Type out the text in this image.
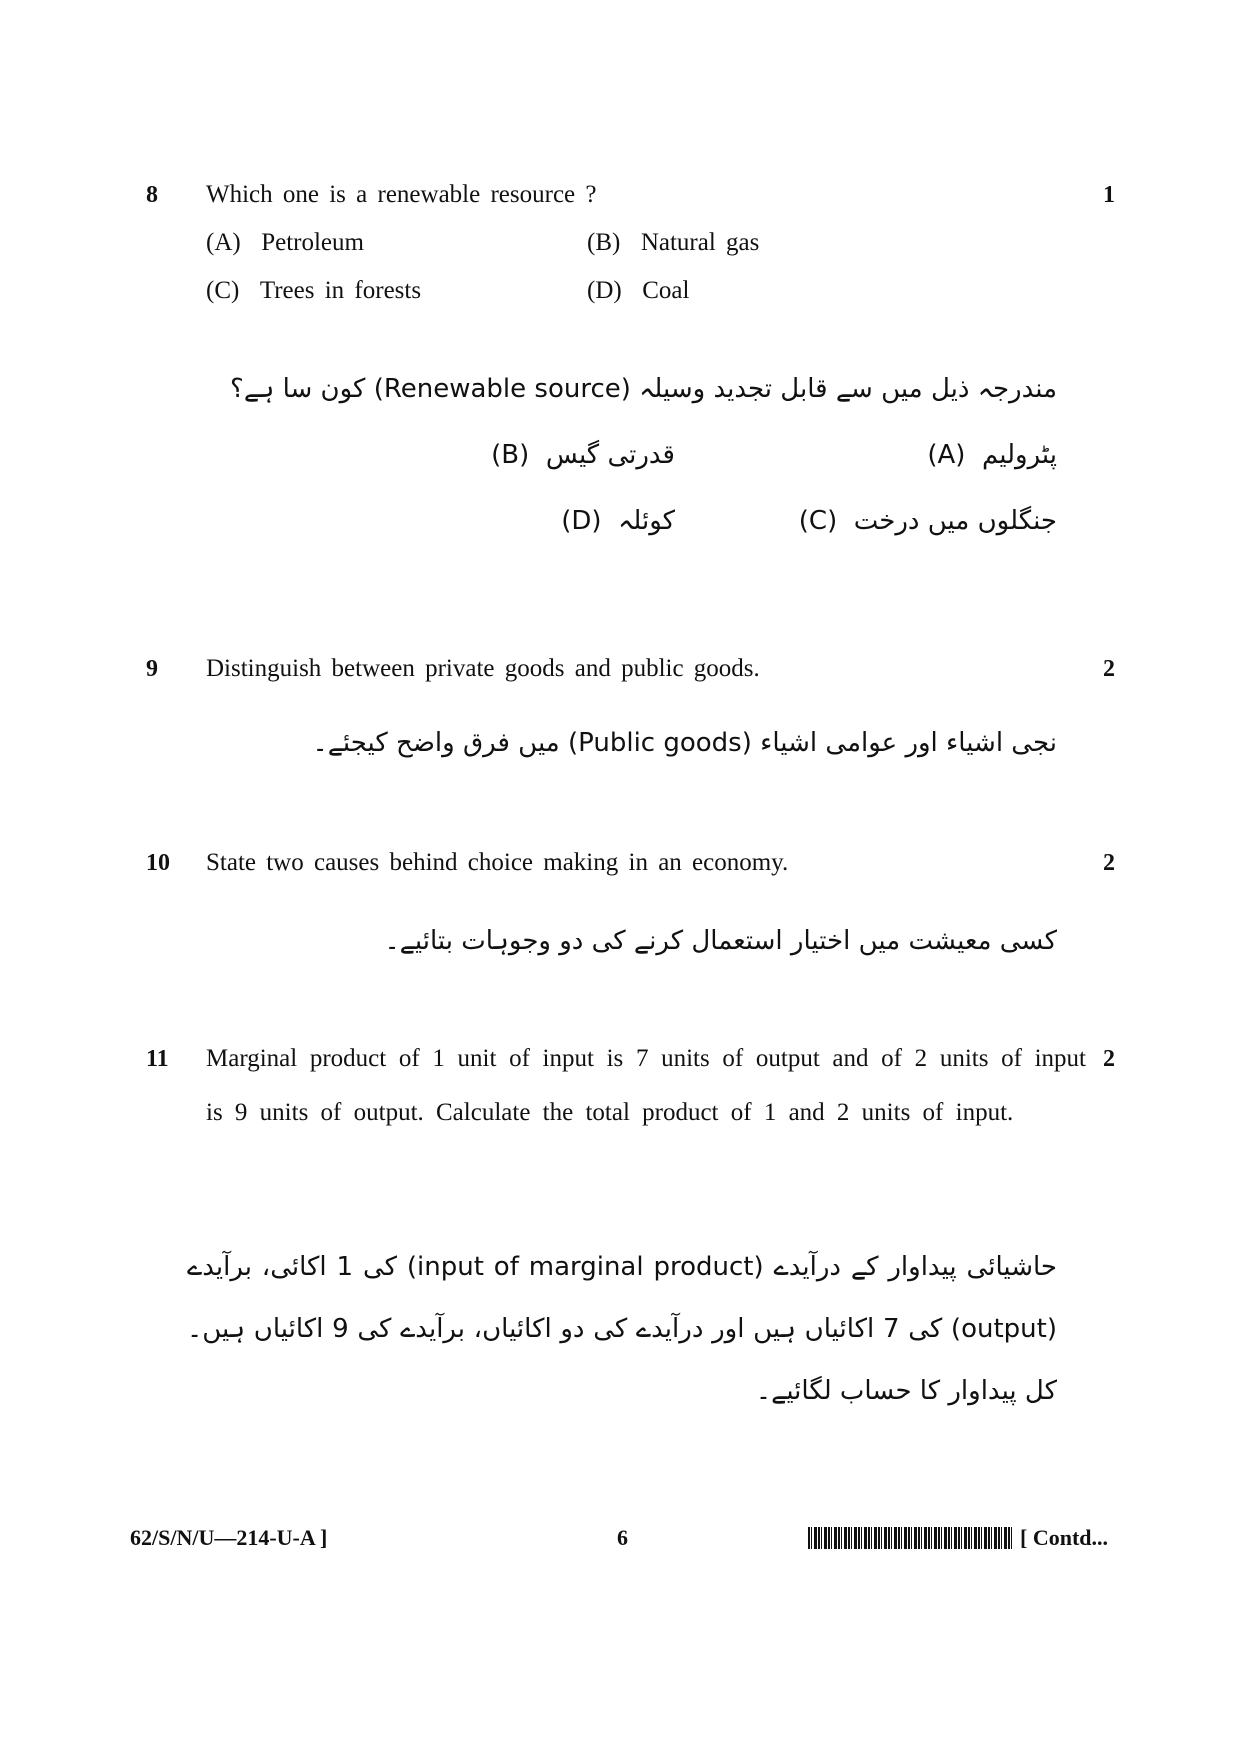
8 Which one is a renewable resource ?	1
(A) Petroleum	(B) Natural gas
(C) Trees in forests	(D) Coal
مندرجہ ذیل میں سے قابل تجدید وسیلہ (Renewable source) کون سا ہے؟
(A) پٹرولیم
(B) قدرتی گیس
(C) جنگلوں میں درخت
(D) کوئلہ
9 Distinguish between private goods and public goods.	2
نجی اشیاء اور عوامی اشیاء (Public goods) میں فرق واضح کیجئے۔
10 State two causes behind choice making in an economy.	2
کسی معیشت میں اختیار استعمال کرنے کی دو وجوہات بتائیے۔
11 Marginal product of 1 unit of input is 7 units of output and of 2 units of input is 9 units of output. Calculate the total product of 1 and 2 units of input.
2
حاشیائی پیداوار کے درآیدے (input of marginal product) کی 1 اکائی، برآیدے (output) کی 7 اکائیاں ہیں اور درآیدے کی دو اکائیاں، برآیدے کی 9 اکائیاں ہیں۔ کل پیداوار کا حساب لگائیے۔
62/S/N/U—214-U-A ]	6	[ Contd...
